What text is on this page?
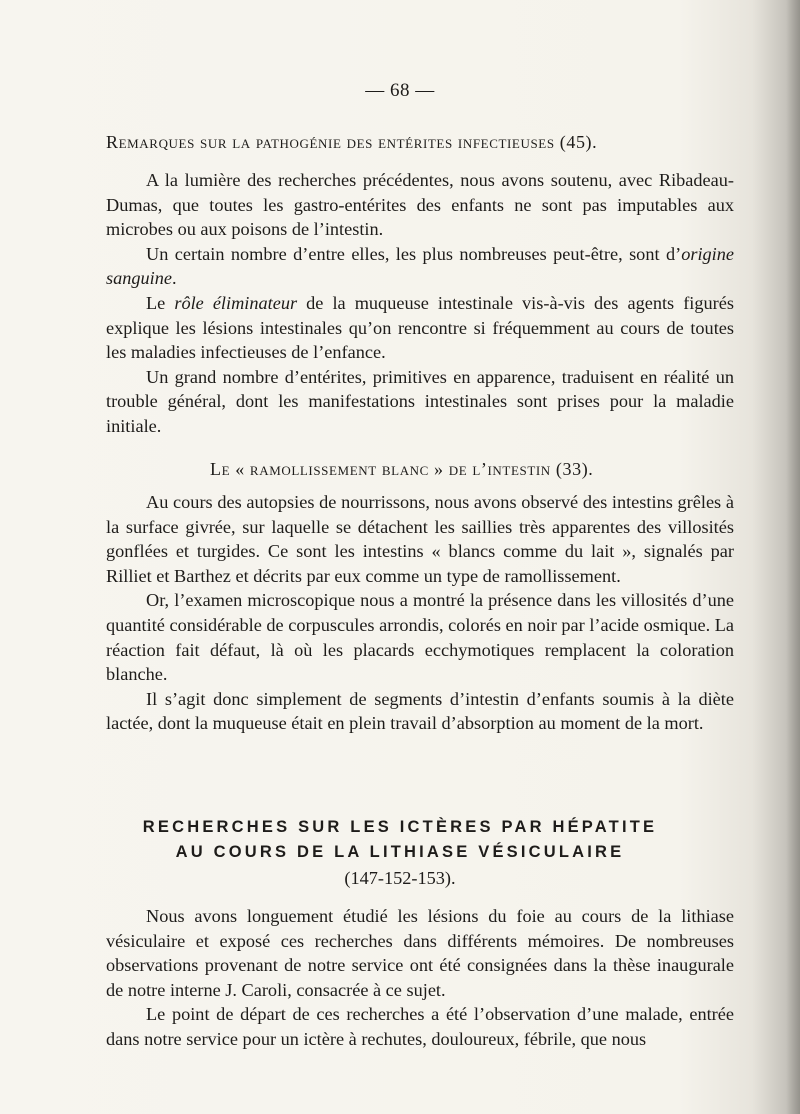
— 68 —
Remarques sur la pathogénie des entérites infectieuses (45).

A la lumière des recherches précédentes, nous avons soutenu, avec Ribadeau-Dumas, que toutes les gastro-entérites des enfants ne sont pas imputables aux microbes ou aux poisons de l’intestin.

Un certain nombre d’entre elles, les plus nombreuses peut-être, sont d’origine sanguine.

Le rôle éliminateur de la muqueuse intestinale vis-à-vis des agents figurés explique les lésions intestinales qu’on rencontre si fréquemment au cours de toutes les maladies infectieuses de l’enfance.

Un grand nombre d’entérites, primitives en apparence, traduisent en réalité un trouble général, dont les manifestations intestinales sont prises pour la maladie initiale.

Le « ramollissement blanc » de l’intestin (33).

Au cours des autopsies de nourrissons, nous avons observé des intestins grêles à la surface givrée, sur laquelle se détachent les saillies très apparentes des villosités gonflées et turgides. Ce sont les intestins « blancs comme du lait », signalés par Rilliet et Barthez et décrits par eux comme un type de ramollissement.

Or, l’examen microscopique nous a montré la présence dans les villosités d’une quantité considérable de corpuscules arrondis, colorés en noir par l’acide osmique. La réaction fait défaut, là où les placards ecchymotiques remplacent la coloration blanche.

Il s’agit donc simplement de segments d’intestin d’enfants soumis à la diète lactée, dont la muqueuse était en plein travail d’absorption au moment de la mort.

RECHERCHES SUR LES ICTÈRES PAR HÉPATITE
AU COURS DE LA LITHIASE VÉSICULAIRE
(147-152-153).

Nous avons longuement étudié les lésions du foie au cours de la lithiase vésiculaire et exposé ces recherches dans différents mémoires. De nombreuses observations provenant de notre service ont été consignées dans la thèse inaugurale de notre interne J. Caroli, consacrée à ce sujet.

Le point de départ de ces recherches a été l’observation d’une malade, entrée dans notre service pour un ictère à rechutes, douloureux, fébrile, que nous
